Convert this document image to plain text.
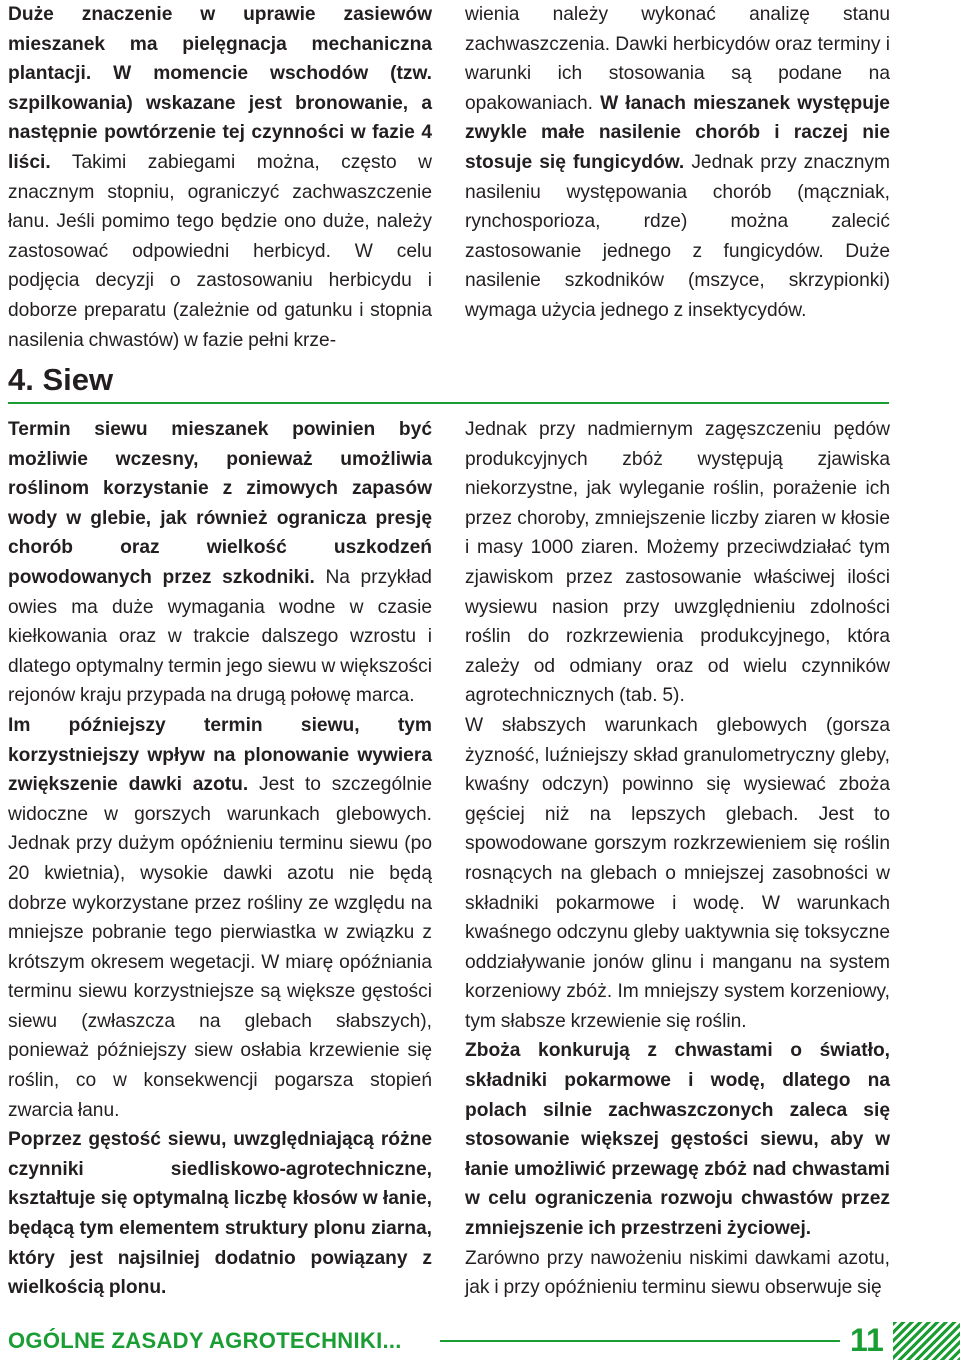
Duże znaczenie w uprawie zasiewów mieszanek ma pielęgnacja mechaniczna plantacji. W momencie wschodów (tzw. szpilkowania) wskazane jest bronowanie, a następnie powtórzenie tej czynności w fazie 4 liści. Takimi zabiegami można, często w znacznym stopniu, ograniczyć zachwaszczenie łanu. Jeśli pomimo tego będzie ono duże, należy zastosować odpowiedni herbicyd. W celu podjęcia decyzji o zastosowaniu herbicydu i doborze preparatu (zależnie od gatunku i stopnia nasilenia chwastów) w fazie pełni krze-

wienia należy wykonać analizę stanu zachwaszczenia. Dawki herbicydów oraz terminy i warunki ich stosowania są podane na opakowaniach. W łanach mieszanek występuje zwykle małe nasilenie chorób i raczej nie stosuje się fungicydów. Jednak przy znacznym nasileniu występowania chorób (mączniak, rynchosporioza, rdze) można zalecić zastosowanie jednego z fungicydów. Duże nasilenie szkodników (mszyce, skrzypionki) wymaga użycia jednego z insektycydów.

4. Siew

Termin siewu mieszanek powinien być możliwie wczesny, ponieważ umożliwia roślinom korzystanie z zimowych zapasów wody w glebie, jak również ogranicza presję chorób oraz wielkość uszkodzeń powodowanych przez szkodniki. Na przykład owies ma duże wymagania wodne w czasie kiełkowania oraz w trakcie dalszego wzrostu i dlatego optymalny termin jego siewu w większości rejonów kraju przypada na drugą połowę marca.

Im późniejszy termin siewu, tym korzystniejszy wpływ na plonowanie wywiera zwiększenie dawki azotu. Jest to szczególnie widoczne w gorszych warunkach glebowych. Jednak przy dużym opóźnieniu terminu siewu (po 20 kwietnia), wysokie dawki azotu nie będą dobrze wykorzystane przez rośliny ze względu na mniejsze pobranie tego pierwiastka w związku z krótszym okresem wegetacji. W miarę opóźniania terminu siewu korzystniejsze są większe gęstości siewu (zwłaszcza na glebach słabszych), ponieważ późniejszy siew osłabia krzewienie się roślin, co w konsekwencji pogarsza stopień zwarcia łanu.

Poprzez gęstość siewu, uwzględniającą różne czynniki siedliskowo-agrotechniczne, kształtuje się optymalną liczbę kłosów w łanie, będącą tym elementem struktury plonu ziarna, który jest najsilniej dodatnio powiązany z wielkością plonu.

Jednak przy nadmiernym zagęszczeniu pędów produkcyjnych zbóż występują zjawiska niekorzystne, jak wyleganie roślin, porażenie ich przez choroby, zmniejszenie liczby ziaren w kłosie i masy 1000 ziaren. Możemy przeciwdziałać tym zjawiskom przez zastosowanie właściwej ilości wysiewu nasion przy uwzględnieniu zdolności roślin do rozkrzewienia produkcyjnego, która zależy od odmiany oraz od wielu czynników agrotechnicznych (tab. 5).

W słabszych warunkach glebowych (gorsza żyzność, luźniejszy skład granulometryczny gleby, kwaśny odczyn) powinno się wysiewać zboża gęściej niż na lepszych glebach. Jest to spowodowane gorszym rozkrzewieniem się roślin rosnących na glebach o mniejszej zasobności w składniki pokarmowe i wodę. W warunkach kwaśnego odczynu gleby uaktywnia się toksyczne oddziaływanie jonów glinu i manganu na system korzeniowy zbóż. Im mniejszy system korzeniowy, tym słabsze krzewienie się roślin.

Zboża konkurują z chwastami o światło, składniki pokarmowe i wodę, dlatego na polach silnie zachwaszczonych zaleca się stosowanie większej gęstości siewu, aby w łanie umożliwić przewagę zbóż nad chwastami w celu ograniczenia rozwoju chwastów przez zmniejszenie ich przestrzeni życiowej.

Zarówno przy nawożeniu niskimi dawkami azotu, jak i przy opóźnieniu terminu siewu obserwuje się

OGÓLNE ZASADY AGROTECHNIKI...	11
